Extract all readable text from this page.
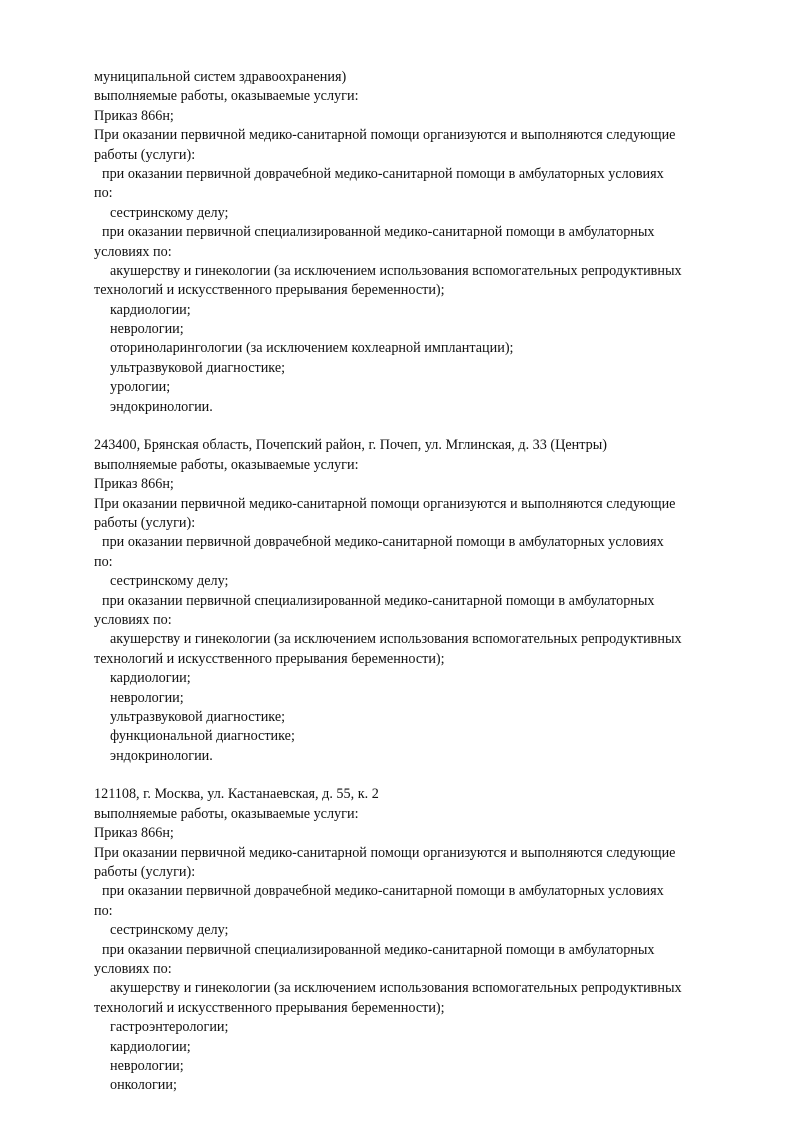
муниципальной систем здравоохранения)
выполняемые работы, оказываемые услуги:
Приказ 866н;
При оказании первичной медико-санитарной помощи организуются и выполняются следующие
работы (услуги):
при оказании первичной доврачебной медико-санитарной помощи в амбулаторных условиях
по:
сестринскому делу;
при оказании первичной специализированной медико-санитарной помощи в амбулаторных
условиях по:
акушерству и гинекологии (за исключением использования вспомогательных репродуктивных
технологий и искусственного прерывания беременности);
кардиологии;
неврологии;
оториноларингологии (за исключением кохлеарной имплантации);
ультразвуковой диагностике;
урологии;
эндокринологии.
243400, Брянская область, Почепский район, г. Почеп, ул. Мглинская, д. 33 (Центры)
выполняемые работы, оказываемые услуги:
Приказ 866н;
При оказании первичной медико-санитарной помощи организуются и выполняются следующие
работы (услуги):
при оказании первичной доврачебной медико-санитарной помощи в амбулаторных условиях
по:
сестринскому делу;
при оказании первичной специализированной медико-санитарной помощи в амбулаторных
условиях по:
акушерству и гинекологии (за исключением использования вспомогательных репродуктивных
технологий и искусственного прерывания беременности);
кардиологии;
неврологии;
ультразвуковой диагностике;
функциональной диагностике;
эндокринологии.
121108, г. Москва, ул. Кастанаевская, д. 55, к. 2
выполняемые работы, оказываемые услуги:
Приказ 866н;
При оказании первичной медико-санитарной помощи организуются и выполняются следующие
работы (услуги):
при оказании первичной доврачебной медико-санитарной помощи в амбулаторных условиях
по:
сестринскому делу;
при оказании первичной специализированной медико-санитарной помощи в амбулаторных
условиях по:
акушерству и гинекологии (за исключением использования вспомогательных репродуктивных
технологий и искусственного прерывания беременности);
гастроэнтерологии;
кардиологии;
неврологии;
онкологии;
